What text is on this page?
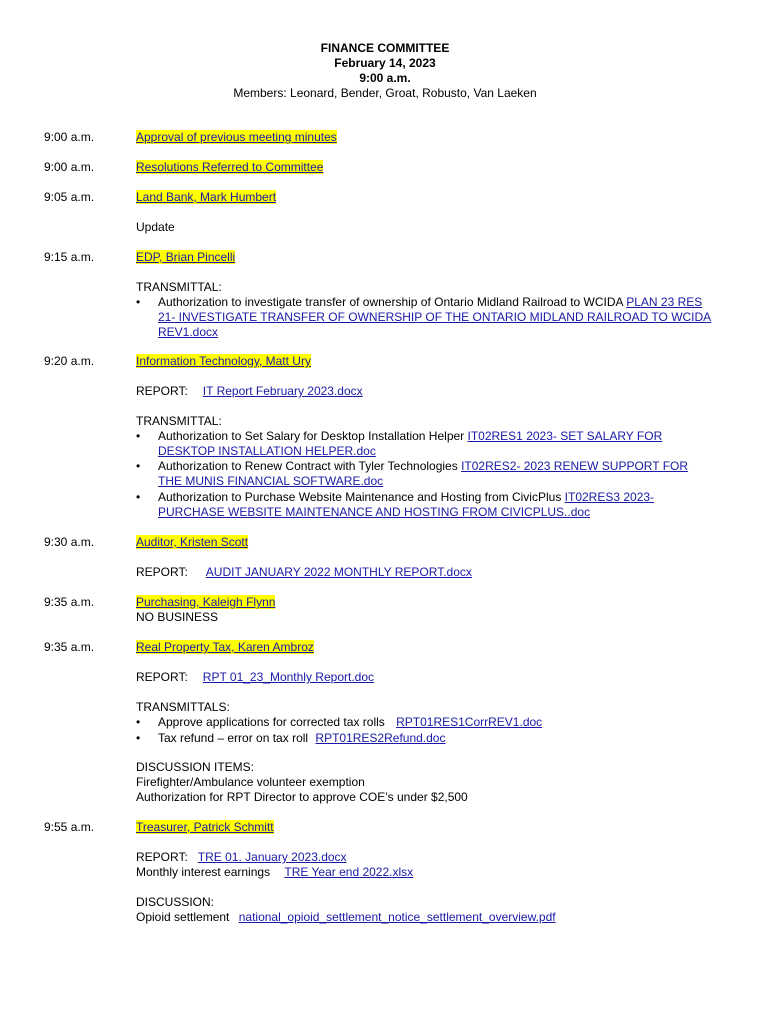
FINANCE COMMITTEE
February 14, 2023
9:00 a.m.
Members: Leonard, Bender, Groat, Robusto, Van Laeken
9:00 a.m.	Approval of previous meeting minutes
9:00 a.m.	Resolutions Referred to Committee
9:05 a.m.	Land Bank, Mark Humbert
Update
9:15 a.m.	EDP, Brian Pincelli
TRANSMITTAL:
• Authorization to investigate transfer of ownership of Ontario Midland Railroad to WCIDA PLAN 23 RES
21- INVESTIGATE TRANSFER OF OWNERSHIP OF THE ONTARIO MIDLAND RAILROAD TO WCIDA
REV1.docx
9:20 a.m.	Information Technology, Matt Ury
REPORT: IT Report February 2023.docx
TRANSMITTAL:
• Authorization to Set Salary for Desktop Installation Helper IT02RES1 2023- SET SALARY FOR
DESKTOP INSTALLATION HELPER.doc
• Authorization to Renew Contract with Tyler Technologies IT02RES2- 2023 RENEW SUPPORT FOR
THE MUNIS FINANCIAL SOFTWARE.doc
• Authorization to Purchase Website Maintenance and Hosting from CivicPlus IT02RES3 2023-
PURCHASE WEBSITE MAINTENANCE AND HOSTING FROM CIVICPLUS..doc
9:30 a.m.	Auditor, Kristen Scott
REPORT: AUDIT JANUARY 2022 MONTHLY REPORT.docx
9:35 a.m.	Purchasing, Kaleigh Flynn
NO BUSINESS
9:35 a.m.	Real Property Tax, Karen Ambroz
REPORT: RPT 01_23_Monthly Report.doc
TRANSMITTALS:
• Approve applications for corrected tax rolls RPT01RES1CorrREV1.doc
• Tax refund – error on tax roll RPT01RES2Refund.doc
DISCUSSION ITEMS:
Firefighter/Ambulance volunteer exemption
Authorization for RPT Director to approve COE’s under $2,500
9:55 a.m.	Treasurer, Patrick Schmitt
REPORT: TRE 01. January 2023.docx
Monthly interest earnings TRE Year end 2022.xlsx
DISCUSSION:
Opioid settlement national_opioid_settlement_notice_settlement_overview.pdf
